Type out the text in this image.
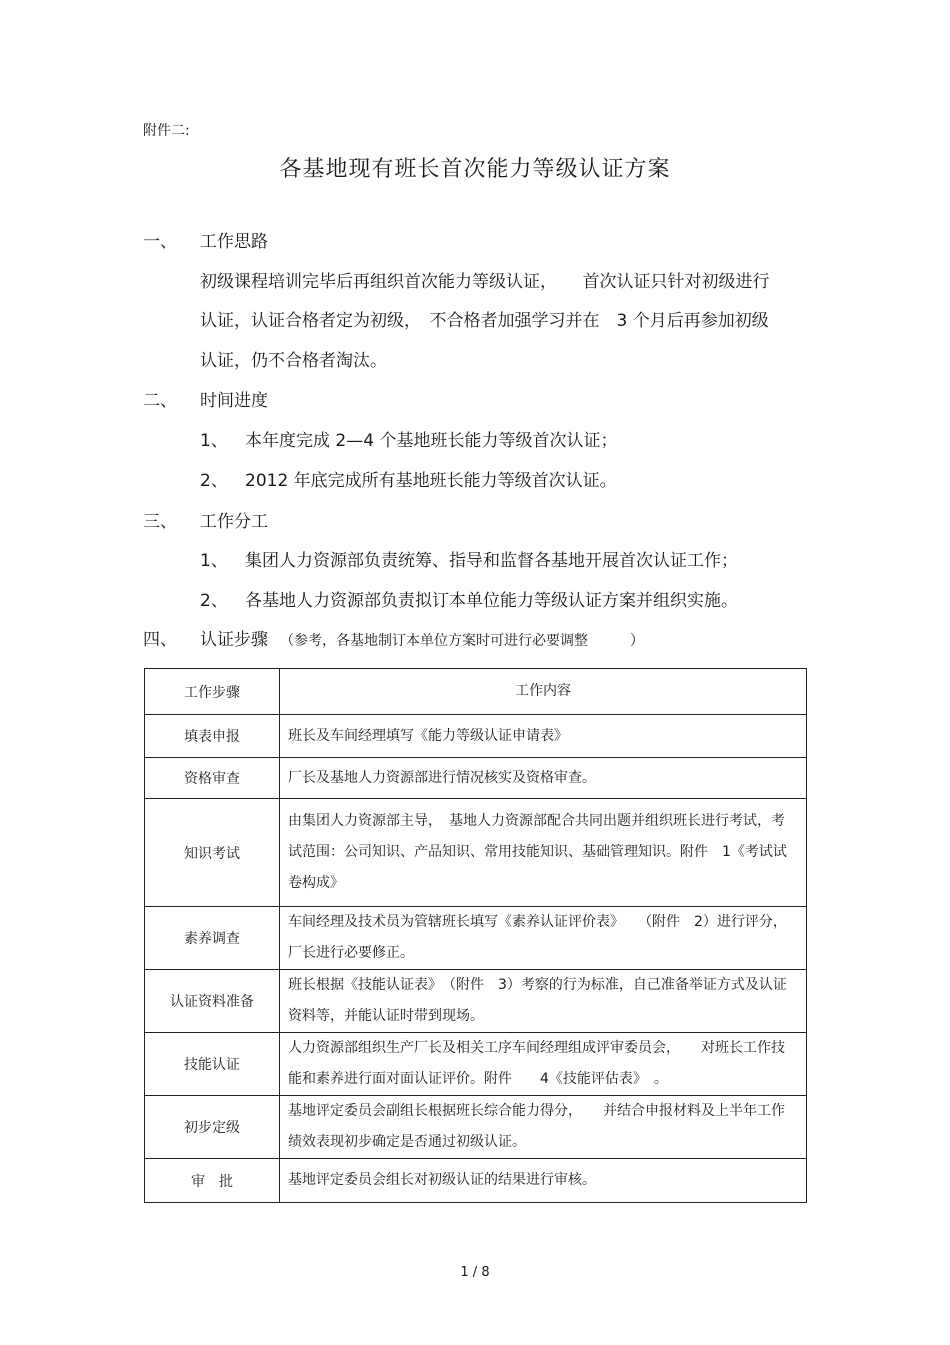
附件二:
各基地现有班长首次能力等级认证方案
一、 工作思路
初级课程培训完毕后再组织首次能力等级认证，　　首次认证只针对初级进行
认证，认证合格者定为初级，　不合格者加强学习并在　3 个月后再参加初级
认证，仍不合格者淘汰。
二、 时间进度
1、 本年度完成 2—4 个基地班长能力等级首次认证；
2、 2012 年底完成所有基地班长能力等级首次认证。
三、 工作分工
1、 集团人力资源部负责统筹、指导和监督各基地开展首次认证工作；
2、 各基地人力资源部负责拟订本单位能力等级认证方案并组织实施。
四、 认证步骤 （参考，各基地制订本单位方案时可进行必要调整　　　）
工作步骤	工作内容
填表申报	班长及车间经理填写《能力等级认证申请表》
资格审查	厂长及基地人力资源部进行情况核实及资格审查。
知识考试	由集团人力资源部主导，　基地人力资源部配合共同出题并组织班长进行考试，考试范围：公司知识、产品知识、常用技能知识、基础管理知识。附件　1《考试试卷构成》
素养调查	车间经理及技术员为管辖班长填写《素养认证评价表》　　（附件　2）进行评分，厂长进行必要修正。
认证资料准备	班长根据《技能认证表》　（附件　3）考察的行为标准，自己准备举证方式及认证资料等，并能认证时带到现场。
技能认证	人力资源部组织生产厂长及相关工序车间经理组成评审委员会，　　对班长工作技能和素养进行面对面认证评价。附件　　4《技能评估表》　。
初步定级	基地评定委员会副组长根据班长综合能力得分，　　并结合申报材料及上半年工作绩效表现初步确定是否通过初级认证。
审　批	基地评定委员会组长对初级认证的结果进行审核。
1 / 8
